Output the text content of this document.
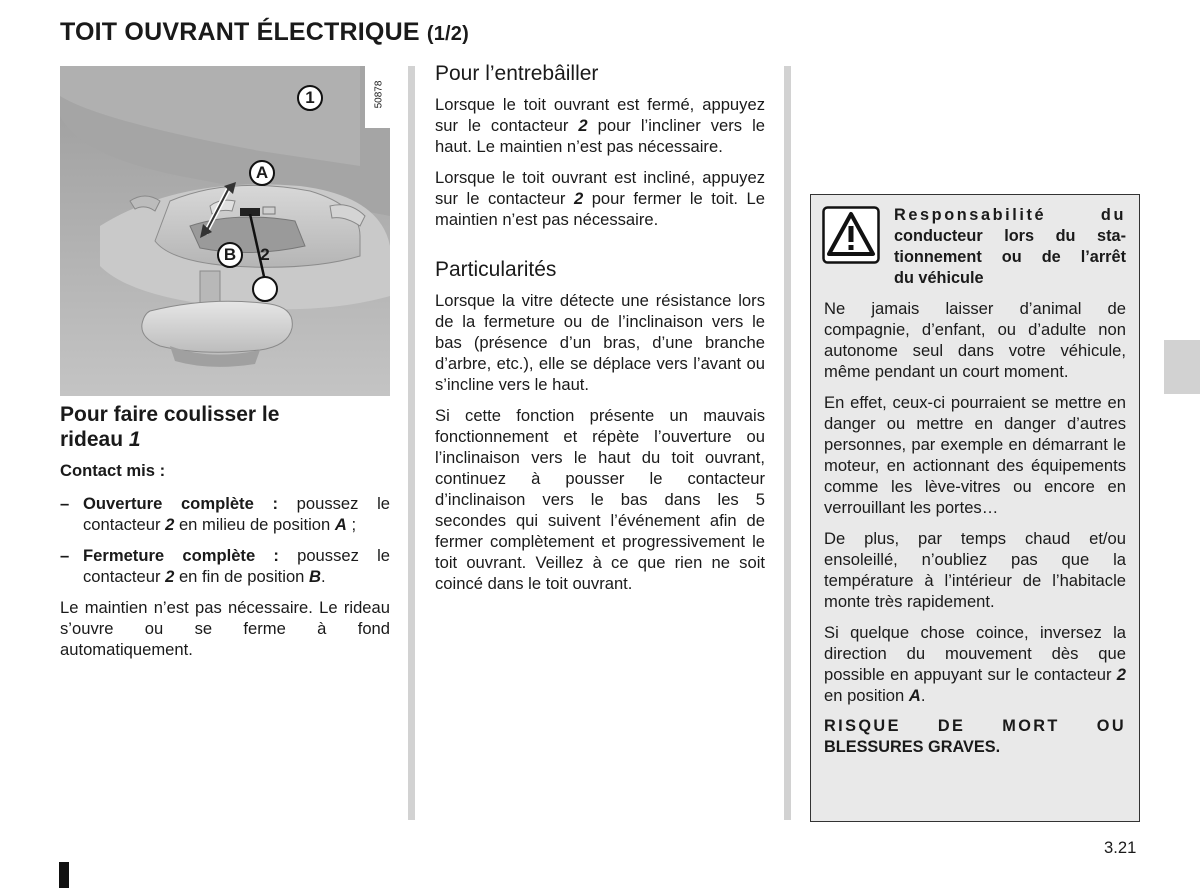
TOIT OUVRANT ÉLECTRIQUE (1/2)
50878
1
2
A
B
Pour faire coulisser le
rideau 1
Contact mis :
– Ouverture complète : poussez le contacteur 2 en milieu de position A ;
– Fermeture complète : poussez le contacteur 2 en fin de position B.

Le maintien n’est pas nécessaire. Le rideau s’ouvre ou se ferme à fond automatiquement.

Pour l’entrebâiller

Lorsque le toit ouvrant est fermé, appuyez sur le contacteur 2 pour l’incliner vers le haut. Le maintien n’est pas nécessaire.

Lorsque le toit ouvrant est incliné, appuyez sur le contacteur 2 pour fermer le toit. Le maintien n’est pas nécessaire.

Particularités

Lorsque la vitre détecte une résistance lors de la fermeture ou de l’inclinaison vers le bas (présence d’un bras, d’une branche d’arbre, etc.), elle se déplace vers l’avant ou s’incline vers le haut.

Si cette fonction présente un mauvais fonctionnement et répète l’ouverture ou l’inclinaison vers le haut du toit ouvrant, continuez à pousser le contacteur d’inclinaison vers le bas dans les 5 secondes qui suivent l’événement afin de fermer complètement et progressivement le toit ouvrant. Veillez à ce que rien ne soit coincé dans le toit ouvrant.

Responsabilité du
conducteur lors du sta-
tionnement ou de l’arrêt
du véhicule

Ne jamais laisser d’animal de compagnie, d’enfant, ou d’adulte non autonome seul dans votre véhicule, même pendant un court moment.

En effet, ceux-ci pourraient se mettre en danger ou mettre en danger d’autres personnes, par exemple en démarrant le moteur, en actionnant des équipements comme les lève-vitres ou encore en verrouillant les portes…

De plus, par temps chaud et/ou ensoleillé, n’oubliez pas que la température à l’intérieur de l’habitacle monte très rapidement.

Si quelque chose coince, inversez la direction du mouvement dès que possible en appuyant sur le contacteur 2 en position A.

RISQUE DE MORT OU
BLESSURES GRAVES.
3.21
